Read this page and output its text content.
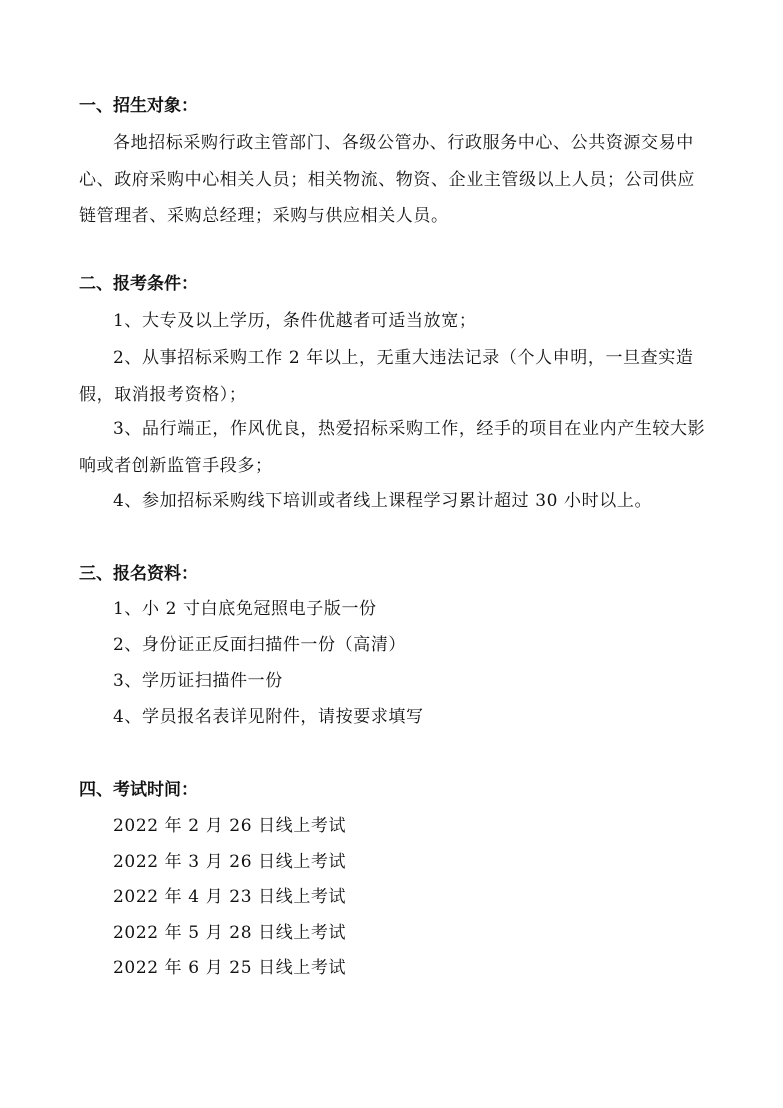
一、招生对象：
各地招标采购行政主管部门、各级公管办、行政服务中心、公共资源交易中心、政府采购中心相关人员；相关物流、物资、企业主管级以上人员；公司供应链管理者、采购总经理；采购与供应相关人员。
二、报考条件：
1、大专及以上学历，条件优越者可适当放宽；
2、从事招标采购工作 2 年以上，无重大违法记录（个人申明，一旦查实造假，取消报考资格）；
3、品行端正，作风优良，热爱招标采购工作，经手的项目在业内产生较大影响或者创新监管手段多；
4、参加招标采购线下培训或者线上课程学习累计超过 30 小时以上。
三、报名资料：
1、小 2 寸白底免冠照电子版一份
2、身份证正反面扫描件一份（高清）
3、学历证扫描件一份
4、学员报名表详见附件，请按要求填写
四、考试时间：
2022 年 2 月 26 日线上考试
2022 年 3 月 26 日线上考试
2022 年 4 月 23 日线上考试
2022 年 5 月 28 日线上考试
2022 年 6 月 25 日线上考试
